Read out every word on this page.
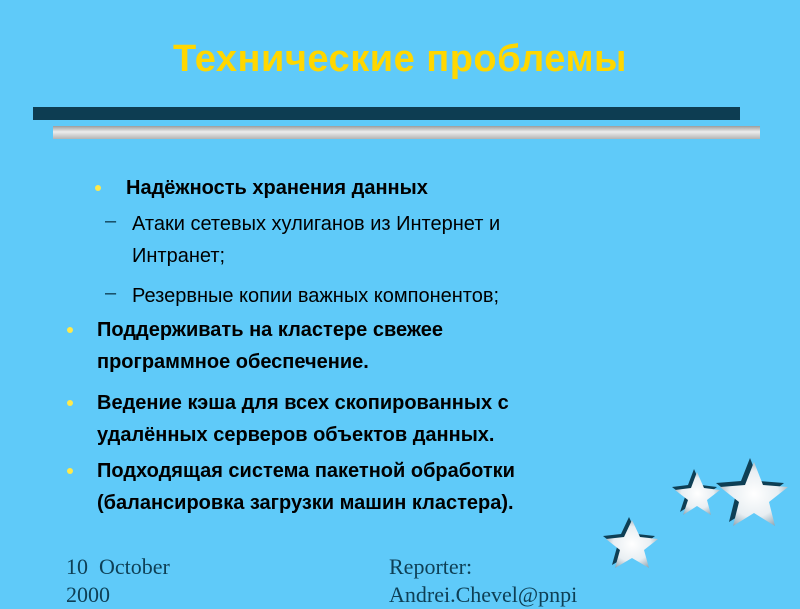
Технические проблемы
Надёжность хранения данных
– Атаки сетевых хулиганов из Интернет и
Интранет;
– Резервные копии важных компонентов;
Поддерживать на кластере свежее
программное обеспечение.
Ведение кэша для всех скопированных с
удалённых серверов объектов данных.
Подходящая система пакетной обработки
(балансировка загрузки машин кластера).
10  October
2000
Reporter:
Andrei.Chevel@pnpi
